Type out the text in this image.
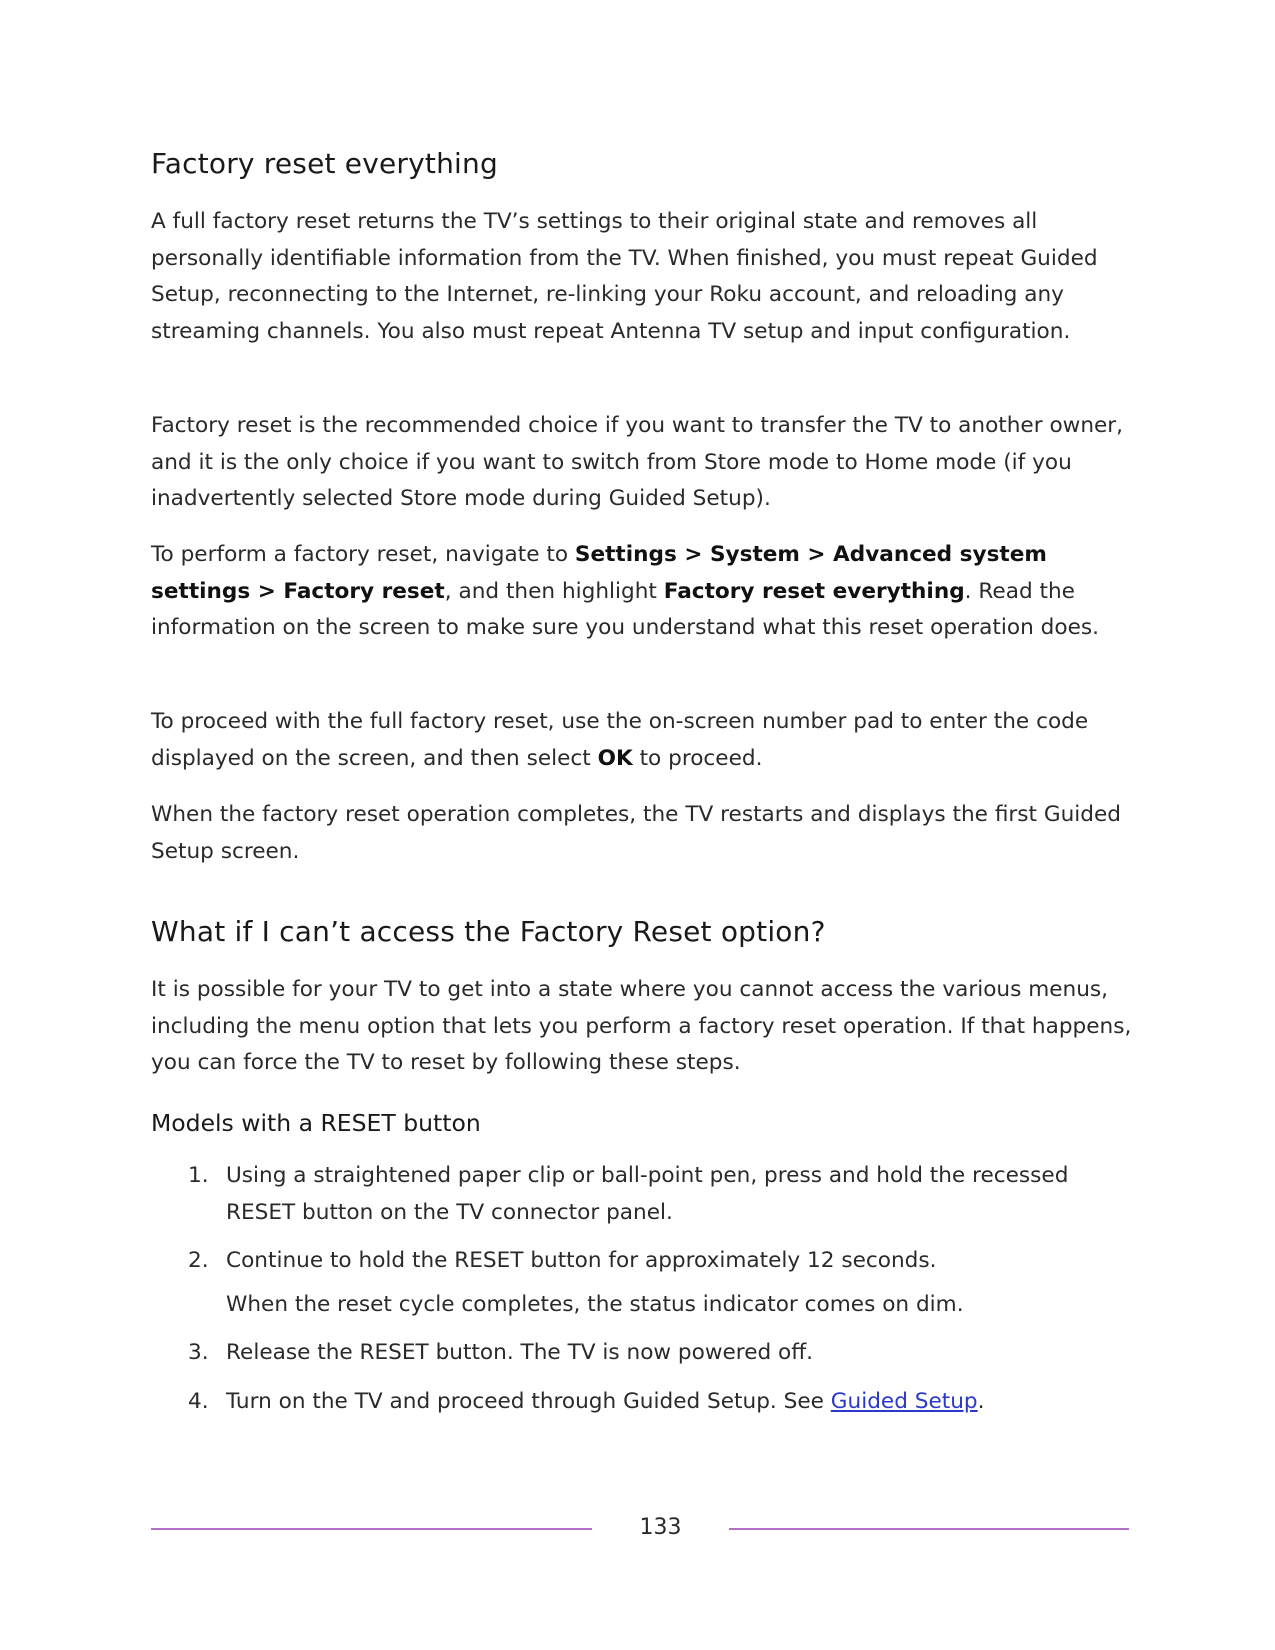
Factory reset everything

A full factory reset returns the TV’s settings to their original state and removes all personally identifiable information from the TV. When finished, you must repeat Guided Setup, reconnecting to the Internet, re-linking your Roku account, and reloading any streaming channels. You also must repeat Antenna TV setup and input configuration.

Factory reset is the recommended choice if you want to transfer the TV to another owner, and it is the only choice if you want to switch from Store mode to Home mode (if you inadvertently selected Store mode during Guided Setup).

To perform a factory reset, navigate to Settings > System > Advanced system settings > Factory reset, and then highlight Factory reset everything. Read the information on the screen to make sure you understand what this reset operation does.

To proceed with the full factory reset, use the on-screen number pad to enter the code displayed on the screen, and then select OK to proceed.

When the factory reset operation completes, the TV restarts and displays the first Guided Setup screen.

What if I can’t access the Factory Reset option?

It is possible for your TV to get into a state where you cannot access the various menus, including the menu option that lets you perform a factory reset operation. If that happens, you can force the TV to reset by following these steps.

Models with a RESET button
1. Using a straightened paper clip or ball-point pen, press and hold the recessed RESET button on the TV connector panel.
2. Continue to hold the RESET button for approximately 12 seconds.
When the reset cycle completes, the status indicator comes on dim.
3. Release the RESET button. The TV is now powered off.
4. Turn on the TV and proceed through Guided Setup. See Guided Setup.
133
